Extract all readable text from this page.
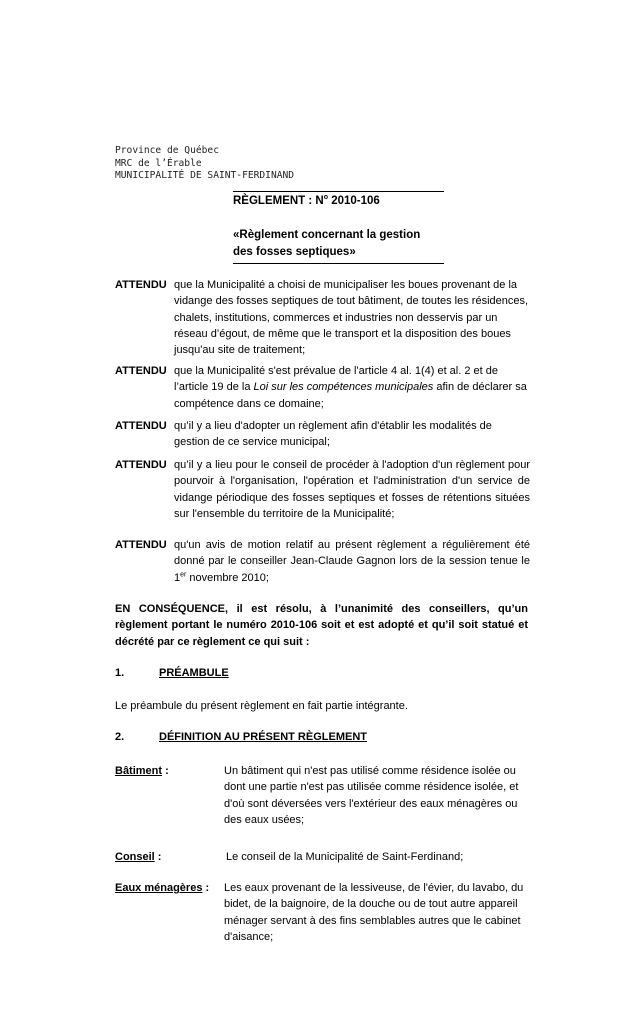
Province de Québec
MRC de l’Érable
MUNICIPALITÉ DE SAINT-FERDINAND
RÈGLEMENT : $N^o$ 2010-106
«Règlement concernant la gestion
des fosses septiques»
ATTENDU que la Municipalité a choisi de municipaliser les boues provenant de la vidange des fosses septiques de tout bâtiment, de toutes les résidences, chalets, institutions, commerces et industries non desservis par un réseau d’égout, de même que le transport et la disposition des boues jusqu'au site de traitement;
ATTENDU que la Municipalité s'est prévalue de l'article 4 al. 1(4) et al. 2 et de l’article 19 de la Loi sur les compétences municipales afin de déclarer sa compétence dans ce domaine;
ATTENDU qu’il y a lieu d'adopter un règlement afin d'établir les modalités de gestion de ce service municipal;
ATTENDU qu’il y a lieu pour le conseil de procéder à l'adoption d'un règlement pour pourvoir à l'organisation, l'opération et l'administration d'un service de vidange périodique des fosses septiques et fosses de rétentions situées sur l'ensemble du territoire de la Municipalité;
ATTENDU qu'un avis de motion relatif au présent règlement a régulièrement été donné par le conseiller Jean-Claude Gagnon lors de la session tenue le 1er novembre 2010;
EN CONSÉQUENCE, il est résolu, à l’unanimité des conseillers, qu’un règlement portant le numéro 2010-106 soit et est adopté et qu’il soit statué et décrété par ce règlement ce qui suit :
1.	PRÉAMBULE
Le préambule du présent règlement en fait partie intégrante.
2.	DÉFINITION AU PRÉSENT RÈGLEMENT
Bâtiment :	Un bâtiment qui n'est pas utilisé comme résidence isolée ou dont une partie n'est pas utilisée comme résidence isolée, et d'où sont déversées vers l'extérieur des eaux ménagères ou des eaux usées;
Conseil :	Le conseil de la Municipalité de Saint-Ferdinand;
Eaux ménagères : Les eaux provenant de la lessiveuse, de l'évier, du lavabo, du bidet, de la baignoire, de la douche ou de tout autre appareil ménager servant à des fins semblables autres que le cabinet d'aisance;
